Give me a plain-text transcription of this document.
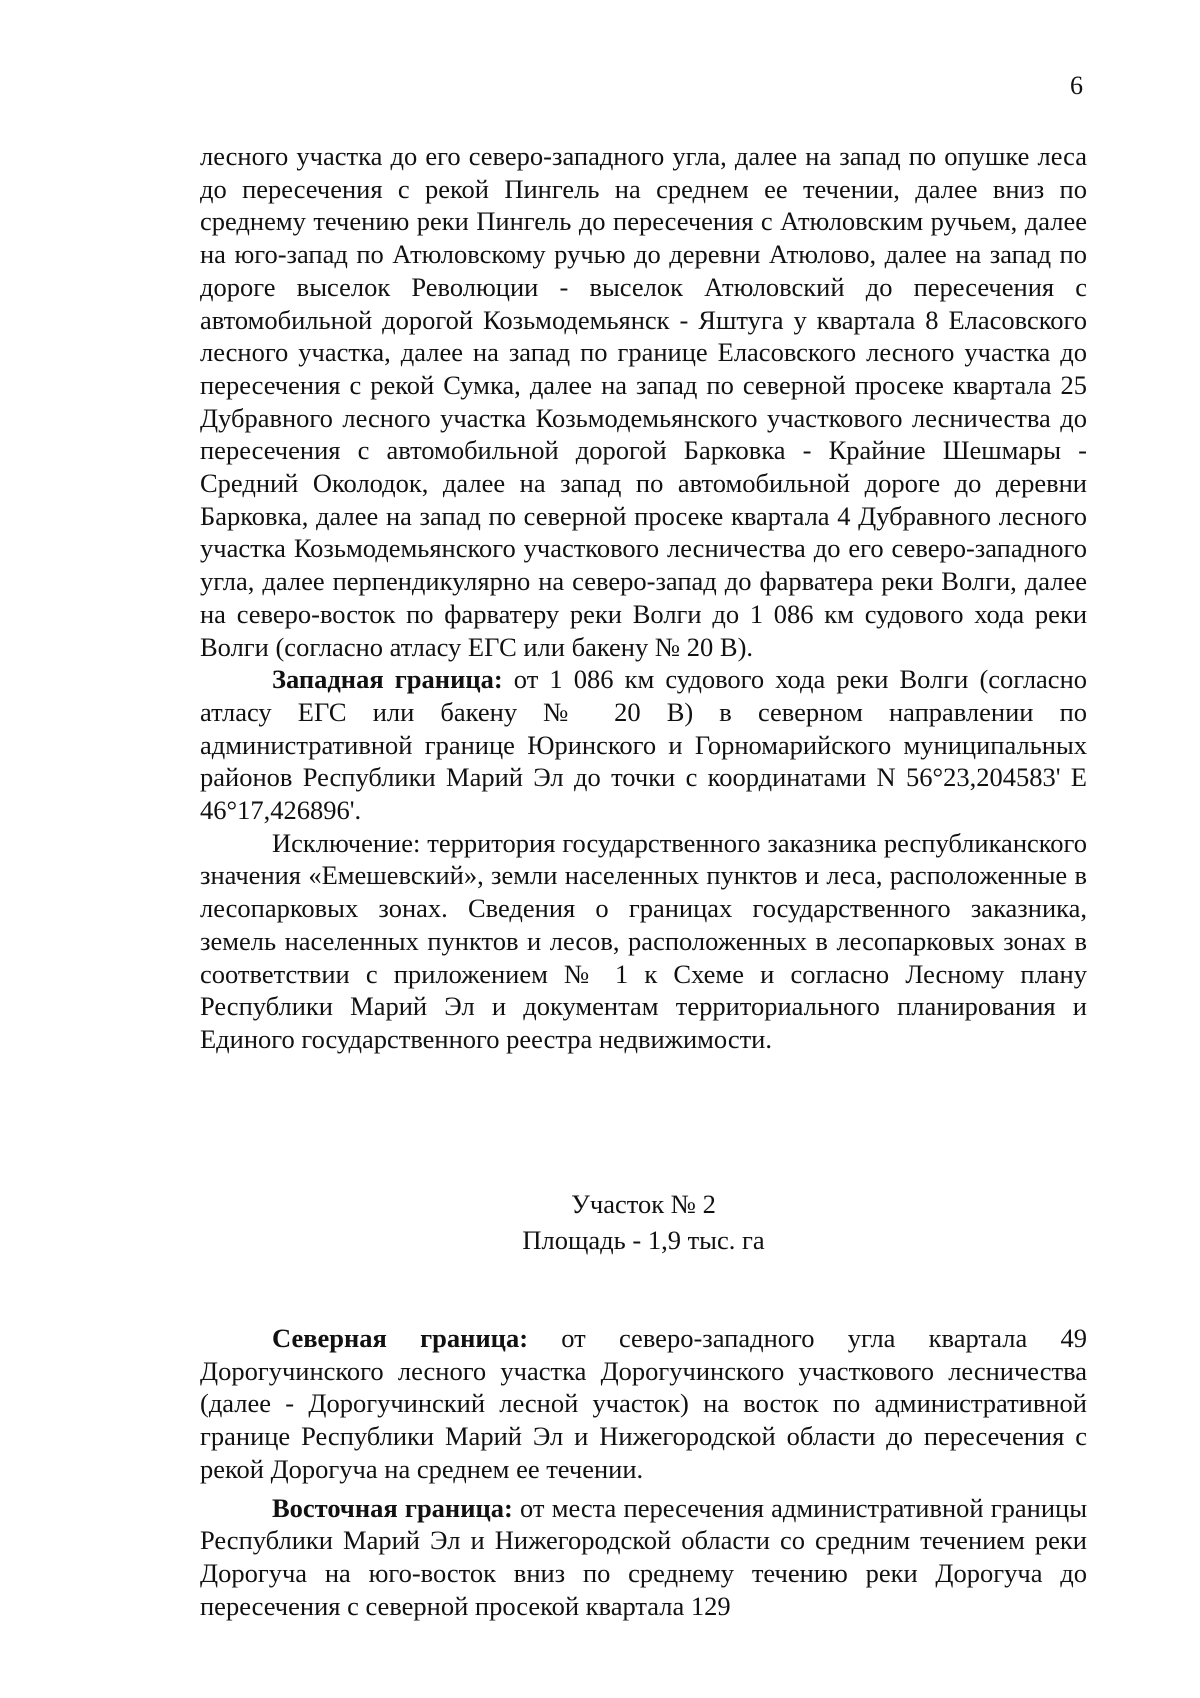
6

лесного участка до его северо-западного угла, далее на запад по опушке леса до пересечения с рекой Пингель на среднем ее течении, далее вниз по среднему течению реки Пингель до пересечения с Атюловским ручьем, далее на юго-запад по Атюловскому ручью до деревни Атюлово, далее на запад по дороге выселок Революции - выселок Атюловский до пересечения с автомобильной дорогой Козьмодемьянск - Яштуга у квартала 8 Еласовского лесного участка, далее на запад по границе Еласовского лесного участка до пересечения с рекой Сумка, далее на запад по северной просеке квартала 25 Дубравного лесного участка Козьмодемьянского участкового лесничества до пересечения с автомобильной дорогой Барковка - Крайние Шешмары - Средний Околодок, далее на запад по автомобильной дороге до деревни Барковка, далее на запад по северной просеке квартала 4 Дубравного лесного участка Козьмодемьянского участкового лесничества до его северо-западного угла, далее перпендикулярно на северо-запад до фарватера реки Волги, далее на северо-восток по фарватеру реки Волги до 1 086 км судового хода реки Волги (согласно атласу ЕГС или бакену № 20 В).

Западная граница: от 1 086 км судового хода реки Волги (согласно атласу ЕГС или бакену № 20 В) в северном направлении по административной границе Юринского и Горномарийского муниципальных районов Республики Марий Эл до точки с координатами N 56°23,204583' E 46°17,426896'.

Исключение: территория государственного заказника республиканского значения «Емешевский», земли населенных пунктов и леса, расположенные в лесопарковых зонах. Сведения о границах государственного заказника, земель населенных пунктов и лесов, расположенных в лесопарковых зонах в соответствии с приложением № 1 к Схеме и согласно Лесному плану Республики Марий Эл и документам территориального планирования и Единого государственного реестра недвижимости.

Участок № 2
Площадь - 1,9 тыс. га

Северная граница: от северо-западного угла квартала 49 Дорогучинского лесного участка Дорогучинского участкового лесничества (далее - Дорогучинский лесной участок) на восток по административной границе Республики Марий Эл и Нижегородской области до пересечения с рекой Дорогуча на среднем ее течении.

Восточная граница: от места пересечения административной границы Республики Марий Эл и Нижегородской области со средним течением реки Дорогуча на юго-восток вниз по среднему течению реки Дорогуча до пересечения с северной просекой квартала 129
